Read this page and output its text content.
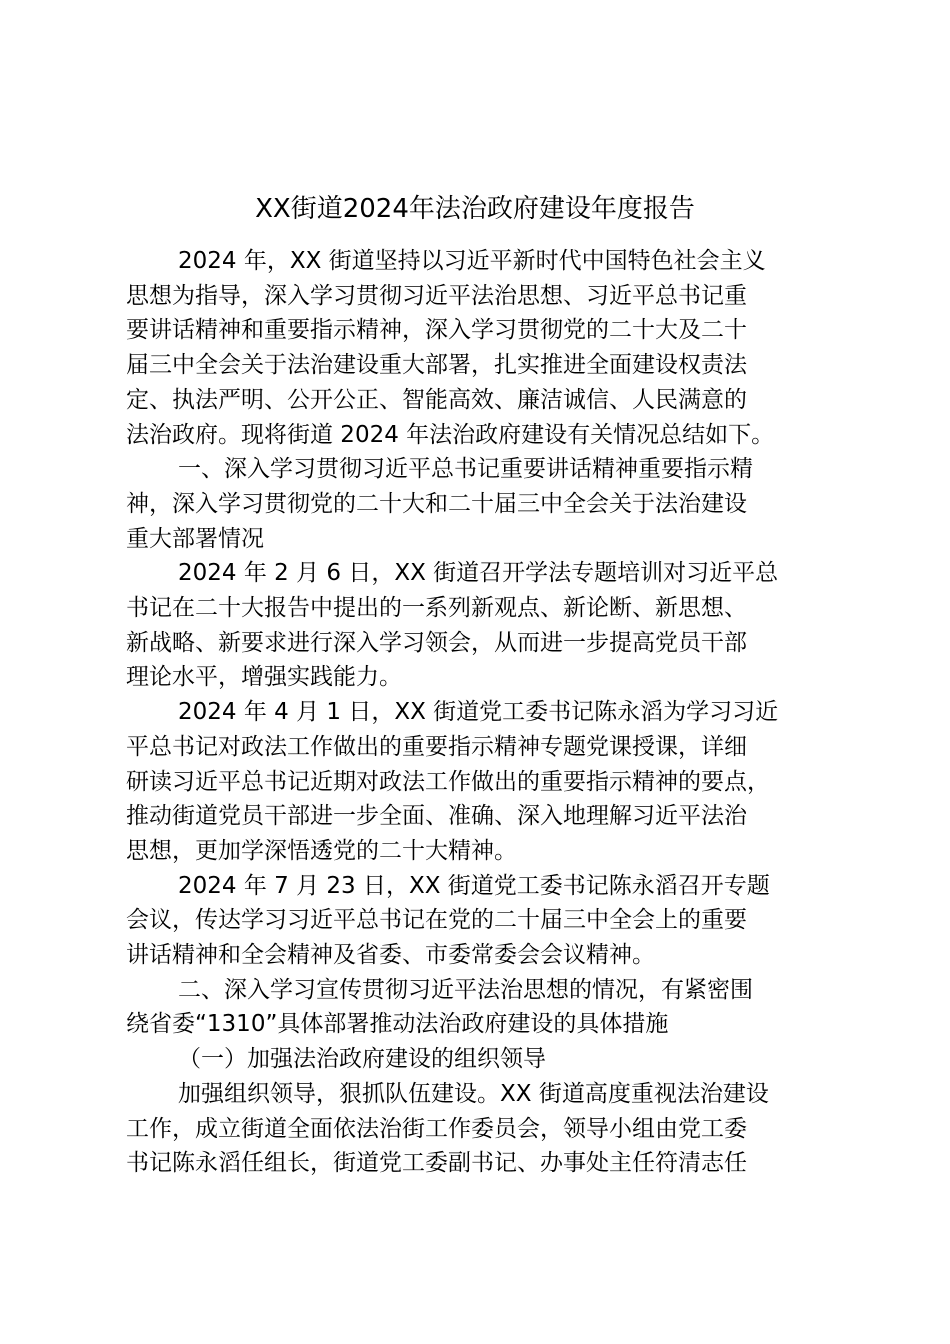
XX街道2024年法治政府建设年度报告
2024 年，XX 街道坚持以习近平新时代中国特色社会主义
思想为指导，深入学习贯彻习近平法治思想、习近平总书记重
要讲话精神和重要指示精神，深入学习贯彻党的二十大及二十
届三中全会关于法治建设重大部署，扎实推进全面建设权责法
定、执法严明、公开公正、智能高效、廉洁诚信、人民满意的
法治政府。现将街道 2024 年法治政府建设有关情况总结如下。
一、深入学习贯彻习近平总书记重要讲话精神重要指示精
神，深入学习贯彻党的二十大和二十届三中全会关于法治建设
重大部署情况
2024 年 2 月 6 日，XX 街道召开学法专题培训对习近平总
书记在二十大报告中提出的一系列新观点、新论断、新思想、
新战略、新要求进行深入学习领会，从而进一步提高党员干部
理论水平，增强实践能力。
2024 年 4 月 1 日，XX 街道党工委书记陈永滔为学习习近
平总书记对政法工作做出的重要指示精神专题党课授课，详细
研读习近平总书记近期对政法工作做出的重要指示精神的要点，
推动街道党员干部进一步全面、准确、深入地理解习近平法治
思想，更加学深悟透党的二十大精神。
2024 年 7 月 23 日，XX 街道党工委书记陈永滔召开专题
会议，传达学习习近平总书记在党的二十届三中全会上的重要
讲话精神和全会精神及省委、市委常委会会议精神。
二、深入学习宣传贯彻习近平法治思想的情况，有紧密围
绕省委“1310”具体部署推动法治政府建设的具体措施
（一）加强法治政府建设的组织领导
加强组织领导，狠抓队伍建设。XX 街道高度重视法治建设
工作，成立街道全面依法治街工作委员会，领导小组由党工委
书记陈永滔任组长，街道党工委副书记、办事处主任符清志任
